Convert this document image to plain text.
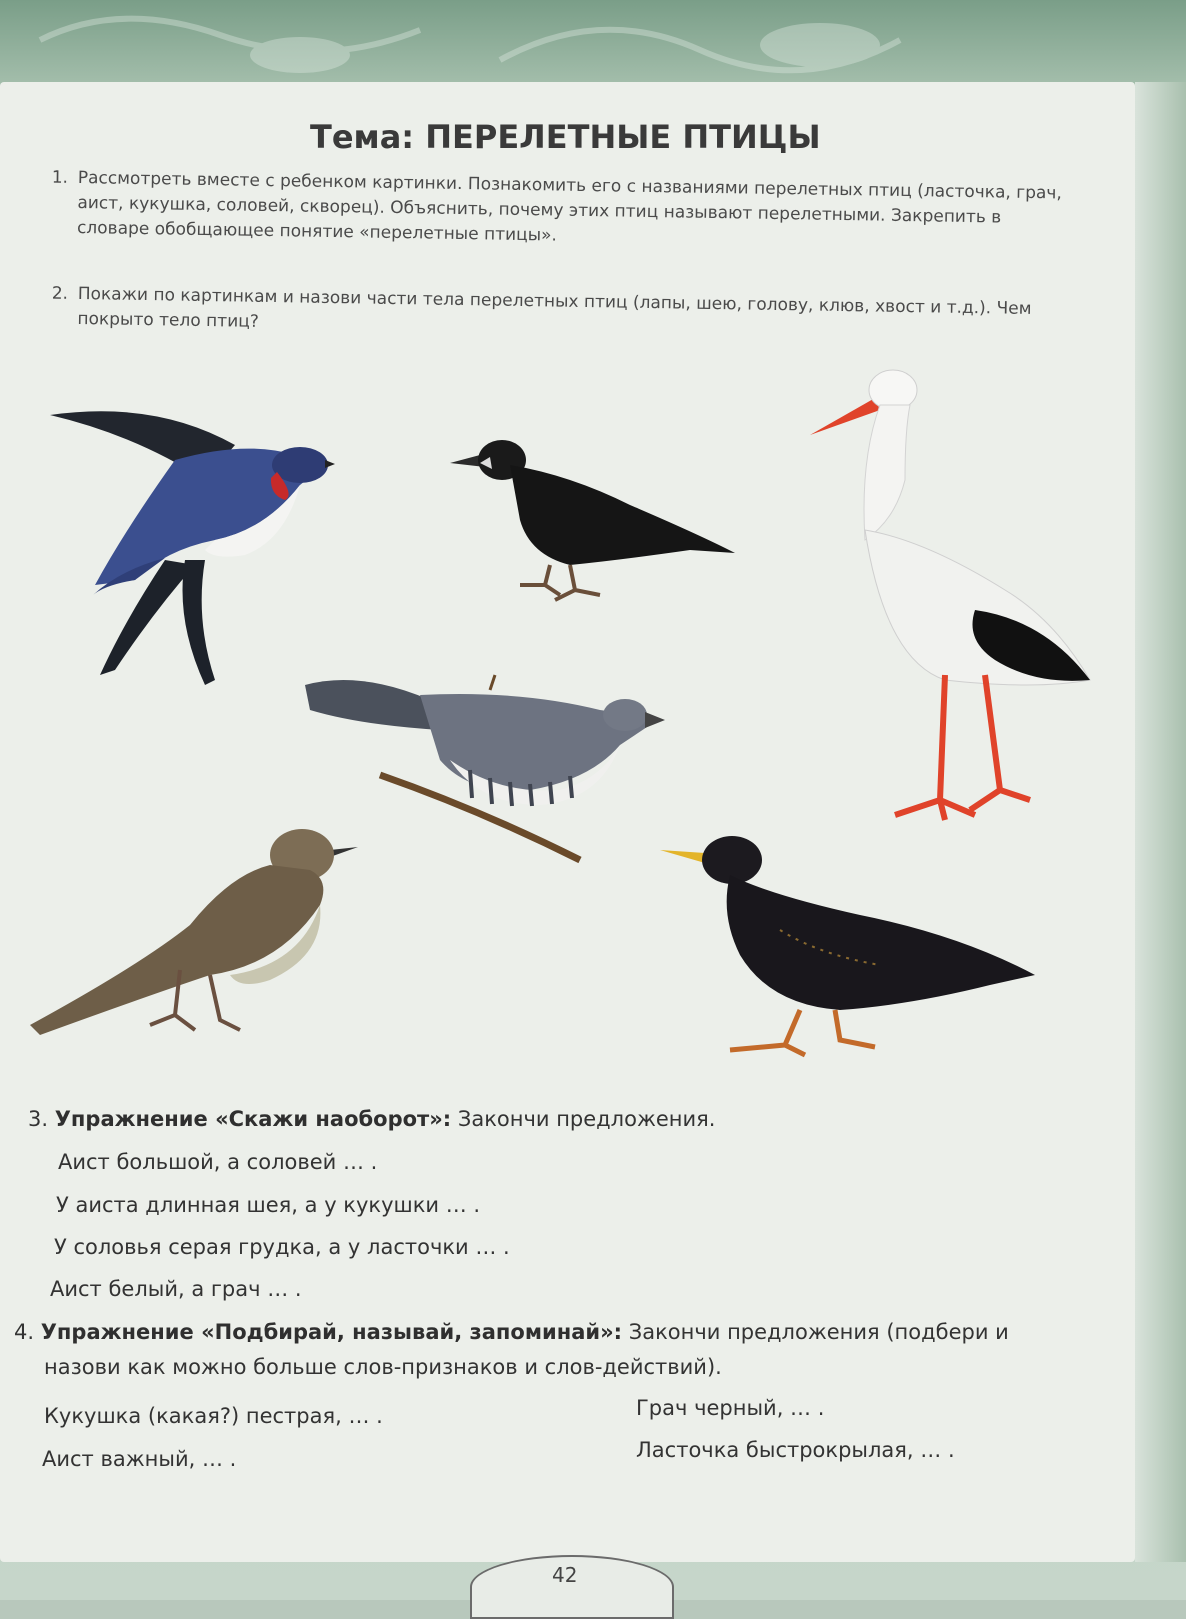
Тема: ПЕРЕЛЕТНЫЕ ПТИЦЫ
1. Рассмотреть вместе с ребенком картинки. Познакомить его с названиями перелетных птиц (ласточка, грач, аист, кукушка, соловей, скворец). Объяснить, почему этих птиц называют перелетными. Закрепить в словаре обобщающее понятие «перелетные птицы».
2. Покажи по картинкам и назови части тела перелетных птиц (лапы, шею, голову, клюв, хвост и т.д.). Чем покрыто тело птиц?
3. Упражнение «Скажи наоборот»: Закончи предложения.
Аист большой, а соловей … .
У аиста длинная шея, а у кукушки … .
У соловья серая грудка, а у ласточки … .
Аист белый, а грач … .
4. Упражнение «Подбирай, называй, запоминай»: Закончи предложения (подбери и
назови как можно больше слов-признаков и слов-действий).
Кукушка (какая?) пестрая, … .
Аист важный, … .
Грач черный, … .
Ласточка быстрокрылая, … .
42
